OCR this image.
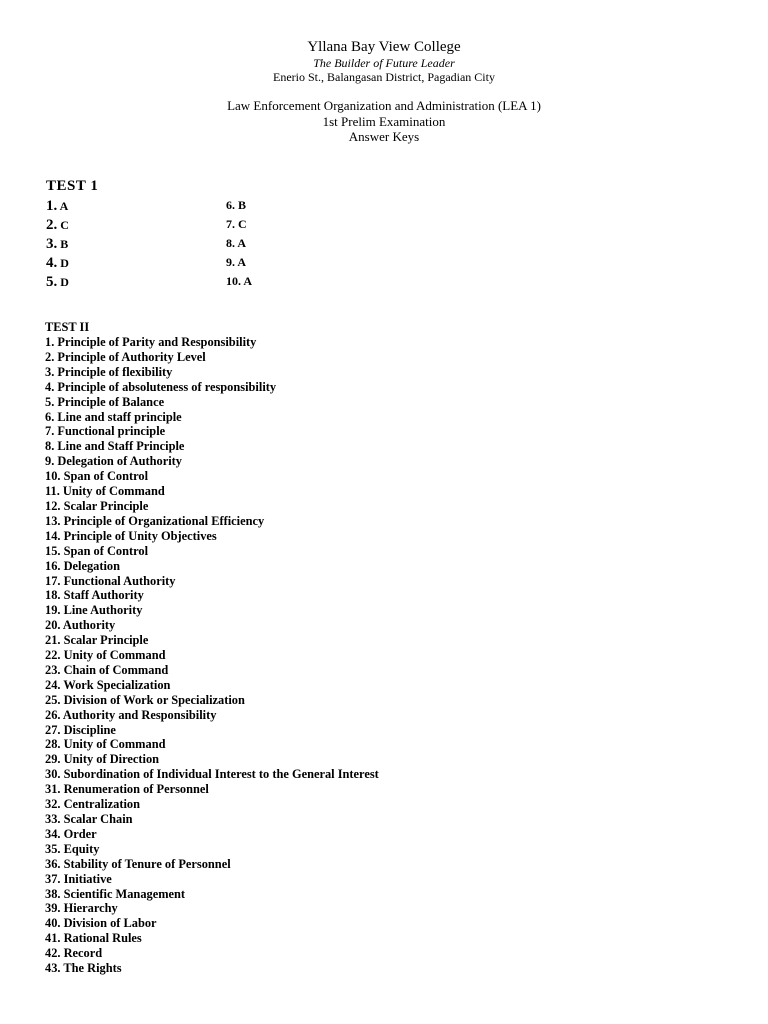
Yllana Bay View College
The Builder of Future Leader
Enerio St., Balangasan District, Pagadian City
Law Enforcement Organization and Administration (LEA 1)
1st Prelim Examination
Answer Keys
TEST 1
1. A	6. B
2. C	7. C
3. B	8. A
4. D	9. A
5. D	10. A
TEST II
1. Principle of Parity and Responsibility
2. Principle of Authority Level
3. Principle of flexibility
4. Principle of absoluteness of responsibility
5. Principle of Balance
6. Line and staff principle
7. Functional principle
8. Line and Staff Principle
9. Delegation of Authority
10. Span of Control
11. Unity of Command
12. Scalar Principle
13. Principle of Organizational Efficiency
14. Principle of Unity Objectives
15. Span of Control
16. Delegation
17. Functional Authority
18. Staff Authority
19. Line Authority
20. Authority
21. Scalar Principle
22. Unity of Command
23. Chain of Command
24. Work Specialization
25. Division of Work or Specialization
26. Authority and Responsibility
27. Discipline
28. Unity of Command
29. Unity of Direction
30. Subordination of Individual Interest to the General Interest
31. Renumeration of Personnel
32. Centralization
33. Scalar Chain
34. Order
35. Equity
36. Stability of Tenure of Personnel
37. Initiative
38. Scientific Management
39. Hierarchy
40. Division of Labor
41. Rational Rules
42. Record
43. The Rights
